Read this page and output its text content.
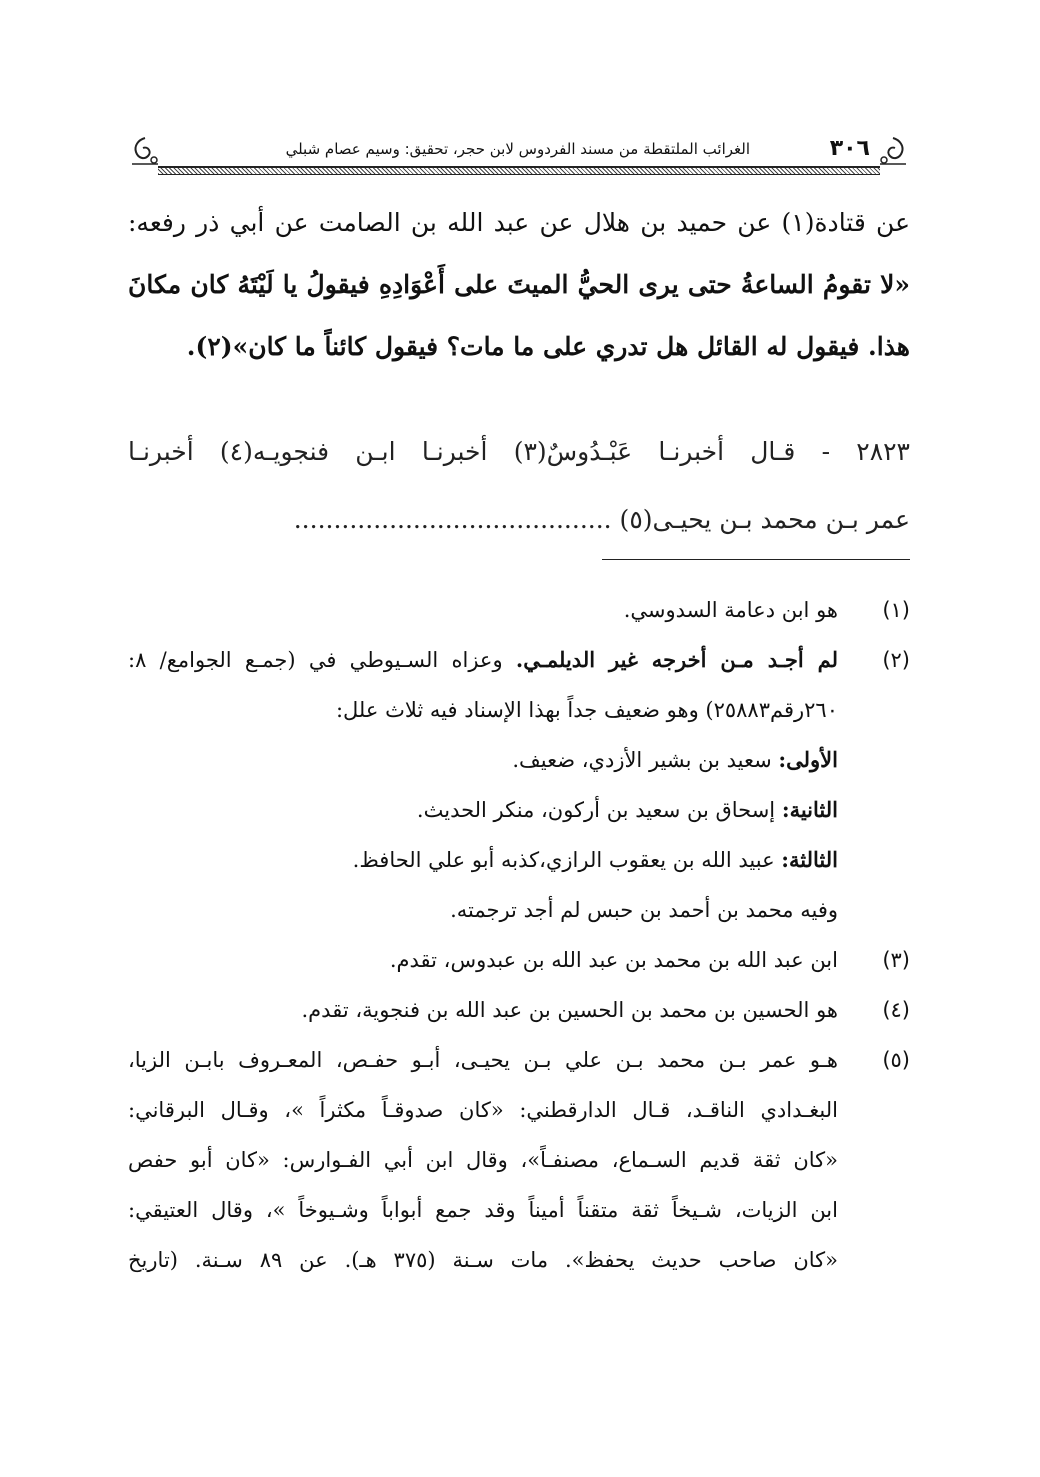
٣٠٦
الغرائب الملتقطة من مسند الفردوس لابن حجر، تحقيق: وسيم عصام شبلي
عن قتادة(١) عن حميد بن هلال عن عبد الله بن الصامت عن أبي ذر رفعه:
«لا تقومُ الساعةُ حتى يرى الحيُّ الميتَ على أَعْوَادِهِ فيقولُ يا لَيْتَهُ كان مكانَ
هذا. فيقول له القائل هل تدري على ما مات؟ فيقول كائناً ما كان»(٢).
٢٨٢٣ - قـال أخبرنـا عَبْـدُوسٌ(٣) أخبرنـا ابـن فنجويـه(٤) أخبرنـا
عمر بـن محمد بـن يحيـى(٥) ........................................
(١)
هو ابن دعامة السدوسي.
(٢)
لم أجـد مـن أخرجه غير الديلمـي. وعزاه السـيوطي في (جمـع الجوامع/ ٨:
٢٦٠رقم٢٥٨٨٣) وهو ضعيف جداً بهذا الإسناد فيه ثلاث علل:
الأولى: سعيد بن بشير الأزدي، ضعيف.
الثانية: إسحاق بن سعيد بن أركون، منكر الحديث.
الثالثة: عبيد الله بن يعقوب الرازي،كذبه أبو علي الحافظ.
وفيه محمد بن أحمد بن حبس لم أجد ترجمته.
(٣)
ابن عبد الله بن محمد بن عبد الله بن عبدوس، تقدم.
(٤)
هو الحسين بن محمد بن الحسين بن عبد الله بن فنجوية، تقدم.
(٥)
هـو عمر بـن محمد بـن علي بـن يحيـى، أبـو حفـص، المعـروف بابـن الزيا،
البغـدادي الناقـد، قـال الدارقطني: «كان صدوقـاً مكثراً »، وقـال البرقاني:
«كان ثقة قديم السـماع، مصنفـاً»، وقال ابن أبي الفـوارس: «كان أبو حفص
ابن الزيات، شـيخاً ثقة متقناً أميناً وقد جمع أبواباً وشـيوخاً »، وقال العتيقي:
«كان صاحب حديث يحفظ». مات سـنة (٣٧٥ هـ). عن ٨٩ سـنة. (تاريخ
